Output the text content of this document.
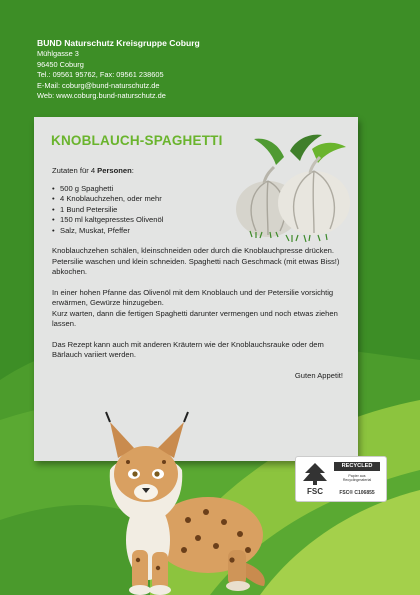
BUND Naturschutz Kreisgruppe Coburg
Mühlgasse 3
96450 Coburg
Tel.: 09561 95762, Fax: 09561 238605
E-Mail: coburg@bund-naturschutz.de
Web: www.coburg.bund-naturschutz.de
KNOBLAUCH-SPAGHETTI
Zutaten für 4 Personen:
• 500 g Spaghetti
• 4 Knoblauchzehen, oder mehr
• 1 Bund Petersilie
• 150 ml kaltgepresstes Olivenöl
• Salz, Muskat, Pfeffer

Knoblauchzehen schälen, kleinschneiden oder durch die Knoblauchpresse drücken. Petersilie waschen und klein schneiden. Spaghetti nach Geschmack (mit etwas Biss!) abkochen.

In einer hohen Pfanne das Olivenöl mit dem Knoblauch und der Petersilie vorsichtig erwärmen, Gewürze hinzugeben.
Kurz warten, dann die fertigen Spaghetti darunter vermengen und noch etwas ziehen lassen.

Das Rezept kann auch mit anderen Kräutern wie der Knoblauchsrauke oder dem Bärlauch variiert werden.

Guten Appetit!
FSC
RECYCLED
Papier aus
Recyclingmaterial
FSC® C106855
